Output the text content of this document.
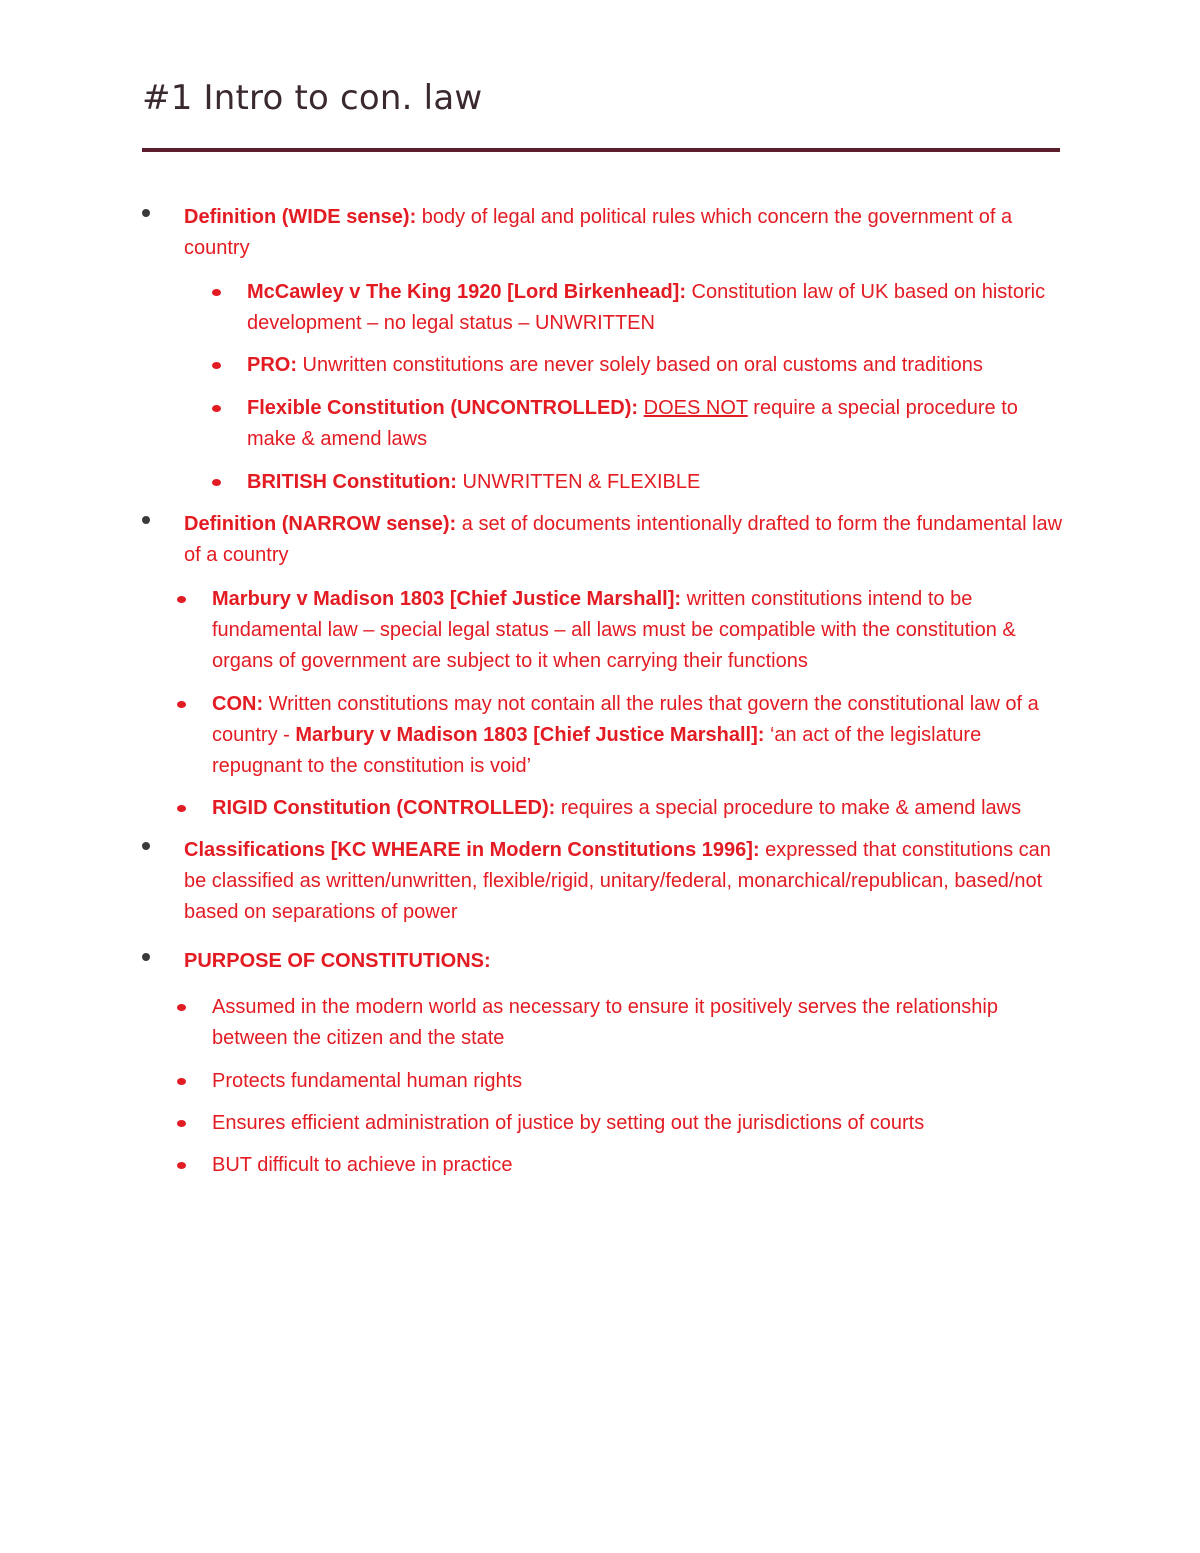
#1 Intro to con. law
Definition (WIDE sense): body of legal and political rules which concern the government of a country
McCawley v The King 1920 [Lord Birkenhead]: Constitution law of UK based on historic development – no legal status – UNWRITTEN
PRO: Unwritten constitutions are never solely based on oral customs and traditions
Flexible Constitution (UNCONTROLLED): DOES NOT require a special procedure to make & amend laws
BRITISH Constitution: UNWRITTEN & FLEXIBLE
Definition (NARROW sense): a set of documents intentionally drafted to form the fundamental law of a country
Marbury v Madison 1803 [Chief Justice Marshall]: written constitutions intend to be fundamental law – special legal status – all laws must be compatible with the constitution & organs of government are subject to it when carrying their functions
CON: Written constitutions may not contain all the rules that govern the constitutional law of a country - Marbury v Madison 1803 [Chief Justice Marshall]: ‘an act of the legislature repugnant to the constitution is void’
RIGID Constitution (CONTROLLED): requires a special procedure to make & amend laws
Classifications [KC WHEARE in Modern Constitutions 1996]: expressed that constitutions can be classified as written/unwritten, flexible/rigid, unitary/federal, monarchical/republican, based/not based on separations of power
PURPOSE OF CONSTITUTIONS:
Assumed in the modern world as necessary to ensure it positively serves the relationship between the citizen and the state
Protects fundamental human rights
Ensures efficient administration of justice by setting out the jurisdictions of courts
BUT difficult to achieve in practice
